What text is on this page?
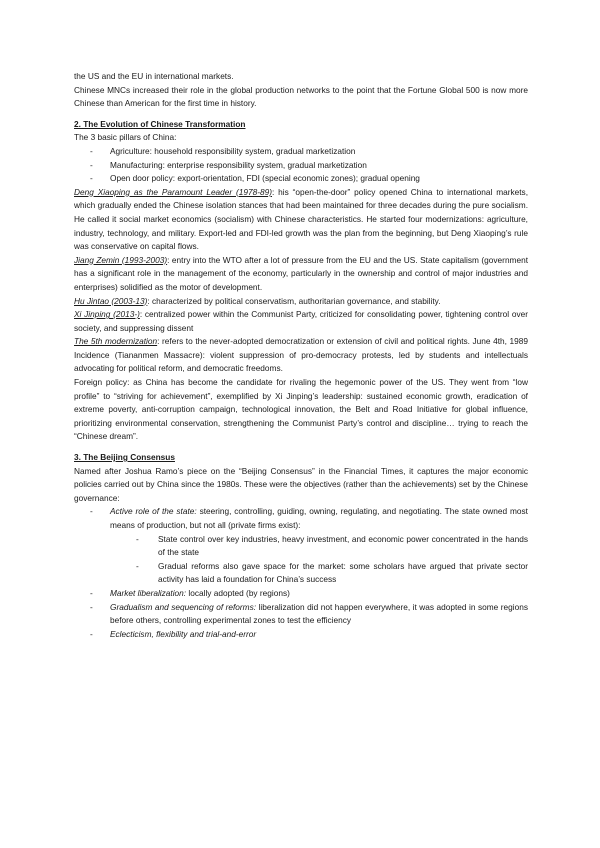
the US and the EU in international markets.

Chinese MNCs increased their role in the global production networks to the point that the Fortune Global 500 is now more Chinese than American for the first time in history.

2. The Evolution of Chinese Transformation

The 3 basic pillars of China:

- Agriculture: household responsibility system, gradual marketization
- Manufacturing: enterprise responsibility system, gradual marketization
- Open door policy: export-orientation, FDI (special economic zones); gradual opening

Deng Xiaoping as the Paramount Leader (1978-89): his “open-the-door” policy opened China to international markets, which gradually ended the Chinese isolation stances that had been maintained for three decades during the pure socialism. He called it social market economics (socialism) with Chinese characteristics. He started four modernizations: agriculture, industry, technology, and military. Export-led and FDI-led growth was the plan from the beginning, but Deng Xiaoping’s rule was conservative on capital flows.

Jiang Zemin (1993-2003): entry into the WTO after a lot of pressure from the EU and the US. State capitalism (government has a significant role in the management of the economy, particularly in the ownership and control of major industries and enterprises) solidified as the motor of development.

Hu Jintao (2003-13): characterized by political conservatism, authoritarian governance, and stability.

Xi Jinping (2013-): centralized power within the Communist Party, criticized for consolidating power, tightening control over society, and suppressing dissent

The 5th modernization: refers to the never-adopted democratization or extension of civil and political rights. June 4th, 1989 Incidence (Tiananmen Massacre): violent suppression of pro-democracy protests, led by students and intellectuals advocating for political reform, and democratic freedoms.

Foreign policy: as China has become the candidate for rivaling the hegemonic power of the US. They went from “low profile” to “striving for achievement”, exemplified by Xi Jinping’s leadership: sustained economic growth, eradication of extreme poverty, anti-corruption campaign, technological innovation, the Belt and Road Initiative for global influence, prioritizing environmental conservation, strengthening the Communist Party’s control and discipline… trying to reach the “Chinese dream”.

3. The Beijing Consensus

Named after Joshua Ramo’s piece on the “Beijing Consensus” in the Financial Times, it captures the major economic policies carried out by China since the 1980s. These were the objectives (rather than the achievements) set by the Chinese governance:

- Active role of the state: steering, controlling, guiding, owning, regulating, and negotiating. The state owned most means of production, but not all (private firms exist):
- State control over key industries, heavy investment, and economic power concentrated in the hands of the state
- Gradual reforms also gave space for the market: some scholars have argued that private sector activity has laid a foundation for China’s success
- Market liberalization: locally adopted (by regions)
- Gradualism and sequencing of reforms: liberalization did not happen everywhere, it was adopted in some regions before others, controlling experimental zones to test the efficiency
- Eclecticism, flexibility and trial-and-error
